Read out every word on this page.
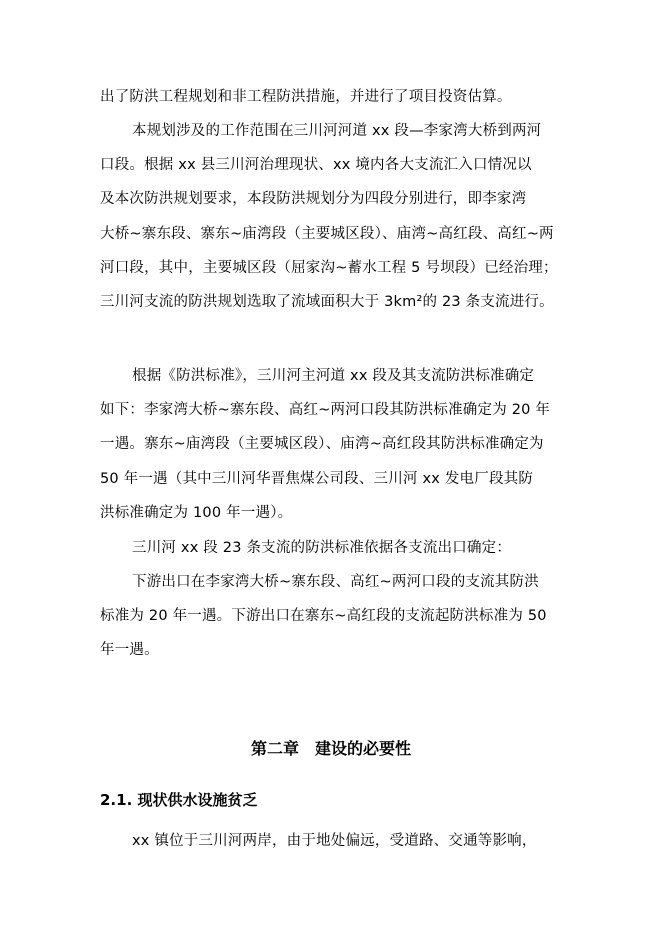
出了防洪工程规划和非工程防洪措施，并进行了项目投资估算。
本规划涉及的工作范围在三川河河道 xx 段—李家湾大桥到两河
口段。根据 xx 县三川河治理现状、xx 境内各大支流汇入口情况以
及本次防洪规划要求，本段防洪规划分为四段分别进行，即李家湾
大桥~寨东段、寨东~庙湾段（主要城区段）、庙湾~高红段、高红~两
河口段，其中，主要城区段（屈家沟~蓄水工程 5 号坝段）已经治理；
三川河支流的防洪规划选取了流域面积大于 3km²的 23 条支流进行。
根据《防洪标准》，三川河主河道 xx 段及其支流防洪标准确定
如下：李家湾大桥~寨东段、高红~两河口段其防洪标准确定为 20 年
一遇。寨东~庙湾段（主要城区段）、庙湾~高红段其防洪标准确定为
50 年一遇（其中三川河华晋焦煤公司段、三川河 xx 发电厂段其防
洪标准确定为 100 年一遇）。
三川河 xx 段 23 条支流的防洪标准依据各支流出口确定：
下游出口在李家湾大桥~寨东段、高红~两河口段的支流其防洪
标准为 20 年一遇。下游出口在寨东~高红段的支流起防洪标准为 50
年一遇。
第二章　建设的必要性
2.1. 现状供水设施贫乏
xx 镇位于三川河两岸，由于地处偏远，受道路、交通等影响，
